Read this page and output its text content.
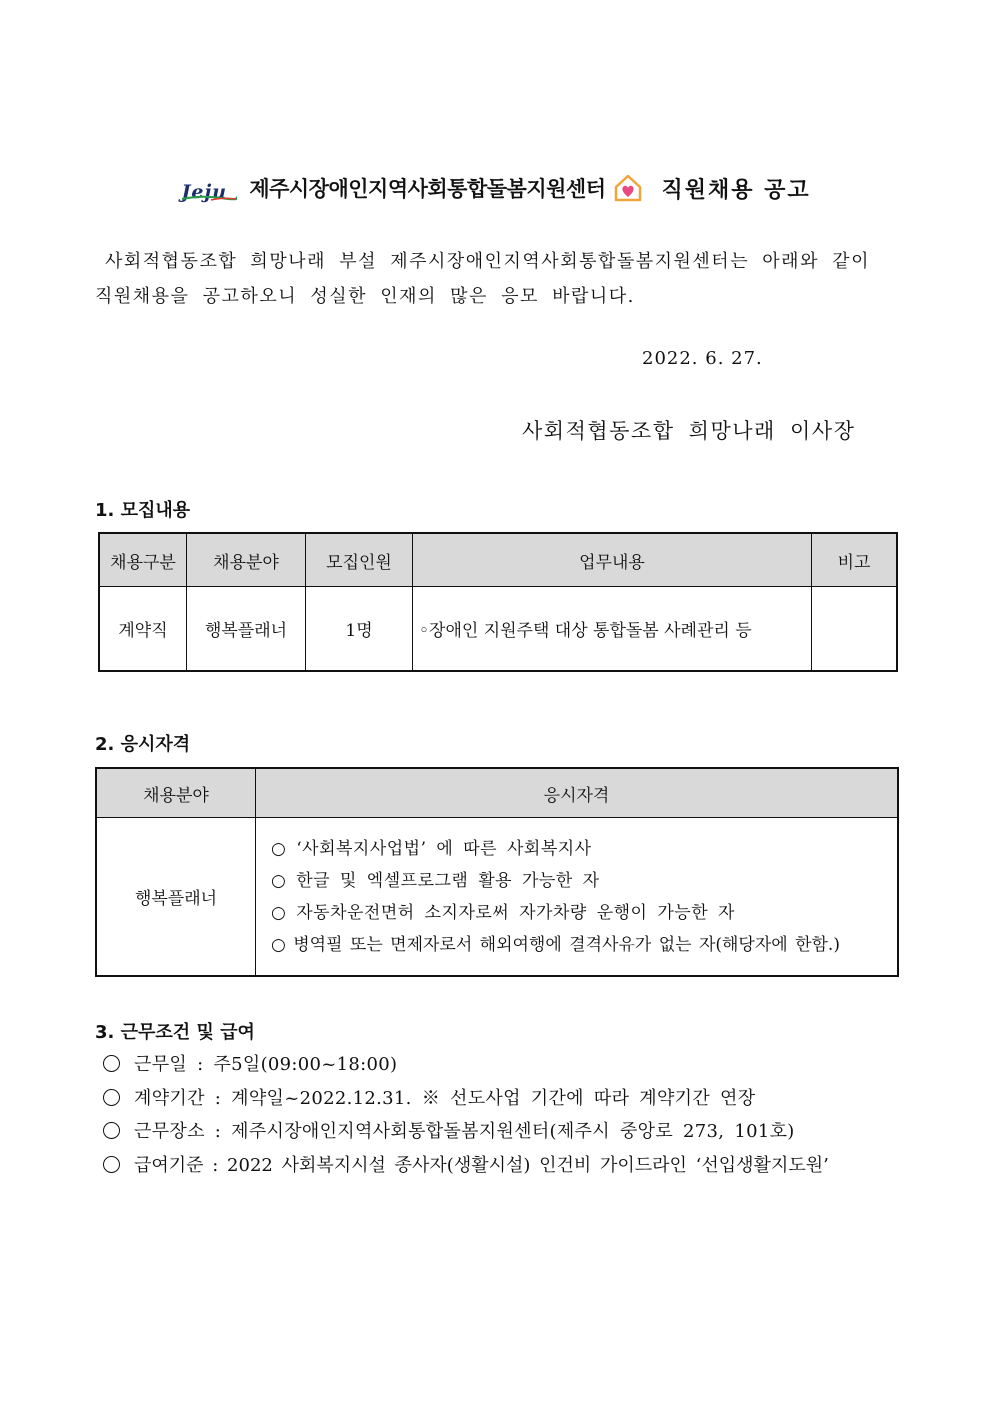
Jeju 제주시장애인지역사회통합돌봄지원센터	직원채용 공고
사회적협동조합 희망나래 부설 제주시장애인지역사회통합돌봄지원센터는 아래와 같이
직원채용을 공고하오니 성실한 인재의 많은 응모 바랍니다.
2022. 6. 27.
사회적협동조합 희망나래 이사장
1. 모집내용
채용구분	채용분야	모집인원	업무내용	비고
계약직	행복플래너	1명	◦장애인 지원주택 대상 통합돌봄 사례관리 등	
2. 응시자격
채용분야	응시자격
행복플래너	○ ‘사회복지사업법’ 에 따른 사회복지사
○ 한글 및 엑셀프로그램 활용 가능한 자
○ 자동차운전면허 소지자로써 자가차량 운행이 가능한 자
○ 병역필 또는 면제자로서 해외여행에 결격사유가 없는 자(해당자에 한함.)
3. 근무조건 및 급여
근무일 : 주5일(09:00~18:00)
계약기간 : 계약일~2022.12.31. ※ 선도사업 기간에 따라 계약기간 연장
근무장소 : 제주시장애인지역사회통합돌봄지원센터(제주시 중앙로 273, 101호)
급여기준 : 2022 사회복지시설 종사자(생활시설) 인건비 가이드라인 ‘선입생활지도원’
